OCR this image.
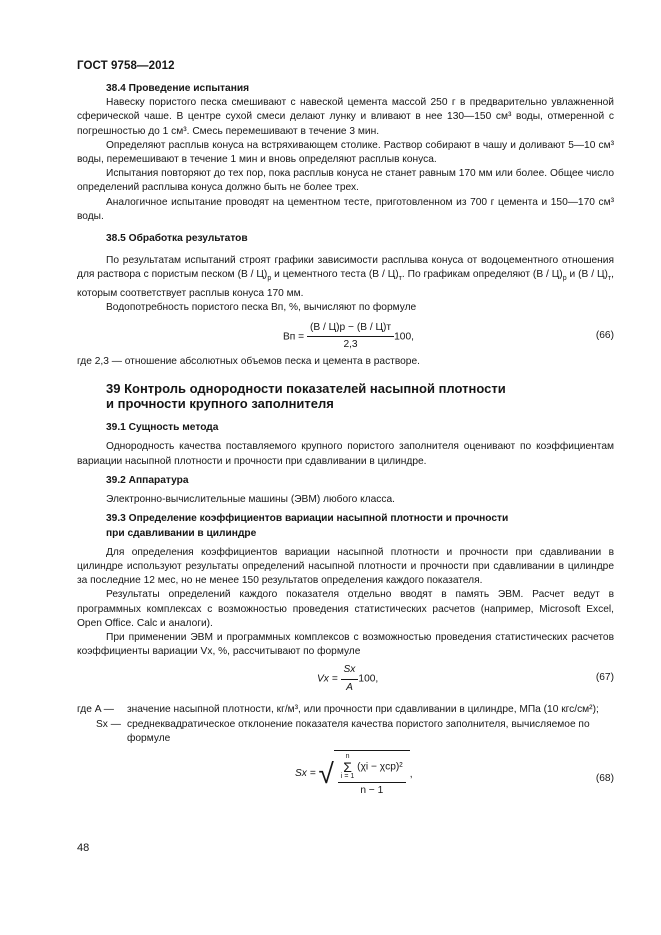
ГОСТ 9758—2012
38.4 Проведение испытания
Навеску пористого песка смешивают с навеской цемента массой 250 г в предварительно увлажненной сферической чаше. В центре сухой смеси делают лунку и вливают в нее 130—150 см³ воды, отмеренной с погрешностью до 1 см³. Смесь перемешивают в течение 3 мин.
Определяют расплыв конуса на встряхивающем столике. Раствор собирают в чашу и доливают 5—10 см³ воды, перемешивают в течение 1 мин и вновь определяют расплыв конуса.
Испытания повторяют до тех пор, пока расплыв конуса не станет равным 170 мм или более. Общее число определений расплыва конуса должно быть не более трех.
Аналогичное испытание проводят на цементном тесте, приготовленном из 700 г цемента и 150—170 см³ воды.
38.5 Обработка результатов
По результатам испытаний строят графики зависимости расплыва конуса от водоцементного отношения для раствора с пористым песком $(В / Ц)_р$ и цементного теста $(В / Ц)_т$. По графикам определяют $(В / Ц)_р$ и $(В / Ц)_т$, которым соответствует расплыв конуса 170 мм.
Водопотребность пористого песка Вп, %, вычисляют по формуле
Вп = $\frac{(В / Ц)р - (В / Ц)т}{2,3} 100$,	(66)
где 2,3 — отношение абсолютных объемов песка и цемента в растворе.
39 Контроль однородности показателей насыпной плотности
и прочности крупного заполнителя
39.1 Сущность метода
Однородность качества поставляемого крупного пористого заполнителя оценивают по коэффициентам вариации насыпной плотности и прочности при сдавливании в цилиндре.
39.2 Аппаратура
Электронно-вычислительные машины (ЭВМ) любого класса.
39.3 Определение коэффициентов вариации насыпной плотности и прочности
при сдавливании в цилиндре
Для определения коэффициентов вариации насыпной плотности и прочности при сдавливании в цилиндре используют результаты определений насыпной плотности и прочности при сдавливании в цилиндре за последние 12 мес, но не менее 150 результатов определения каждого показателя.
Результаты определений каждого показателя отдельно вводят в память ЭВМ. Расчет ведут в программных комплексах с возможностью проведения статистических расчетов (например, Microsoft Excel, Open Office. Calc и аналоги).
При применении ЭВМ и программных комплексов с возможностью проведения статистических расчетов коэффициенты вариации Vx, %, рассчитывают по формуле
$Vx = \frac{Sx}{A} 100$,	(67)
где A — значение насыпной плотности, кг/м³, или прочности при сдавливании в цилиндре, МПа (10 кгс/см²);
Sx — среднеквадратическое отклонение показателя качества пористого заполнителя, вычисляемое по формуле
Sx = √
n
Σ
i = 1
(χi − χср)²
n − 1
,	(68)
48
